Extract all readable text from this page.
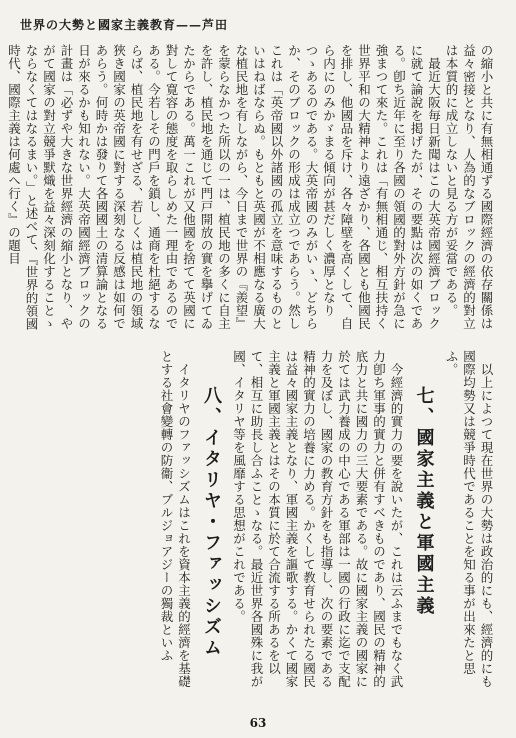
世界の大勢と國家主義教育——芦田

の縮小と共に有無相通ずる國際經濟の依存關係は益々密接となり、人為的なブロックの經濟的對立は本質的に成立しないと見る方が妥當である。

最近大阪毎日新聞はこの大英帝國經濟ブロックに就て論說を掲げたが、その要點は次の如くである。卽ち近年に至り各國の領國的對外方針が急に強まつて來た。これは「有無相通じ、相互扶持く世界平和の大精神より遠ざかり、各國とも他國民を排し、他國品を斥け、各々障壁を高くして、自ら内にのみかゞまる傾向が甚だしく濃厚となりつゝあるのである。大英帝國のみがいゝ、どちらか、そのブロックの形成は成立つであらう。然しこれは「英帝國以外諸國の孤立を意味するものといはねばならぬ。もともと英國が不相應なる廣大な植民地を有しながら、今日まで世界の『羨望』を蒙らなかつた所以の一は、植民地の多くに自主を許し、植民地を通じて門戸開放の實を擧げてゐたからである。萬一これが又他國を捨てて英國に對して寛容の態度を取らしめた一理由であるのである。今若しその門戶を鎖し、通商を杜絕するならば、植民地を有せざる、若しくは植民地の領域狹き國家の英帝國に對する深刻なる反感は如何であらう。何時かは發りて各國國土の清算論となる日が來るかも知れない。大英帝國經濟ブロックの計畫は「必ずや大きな世界經濟の縮小となり、やがて國家の對立競爭默熾を益々深刻化することゝならなくてはなるまい。」と述べて、『世界的領國時代、國際主義は何處へ行く』の題目

以上によつて現在世界の大勢は政治的にも、經濟的にも國際均勢又は競爭時代であることを知る事が出來たと思ふ。

七、國家主義と軍國主義

今經濟的實力の要を說いたが、これは云ふまでもなく武力卽ち軍事的實力と併有すべきものであり、國民の精神的底力と共に國力の三大要素である。故に國家主義の國家に於ては武力養成の中心である軍部は一國の行政に迄で支配力を及ぼし、國家の教育方針をも指導し、次の要素である精神的實力の培養に力める。かくして教育せられたる國民は益々國家主義となり、軍國主義を謳歌する。かくて國家主義と軍國主義とはその本質に於て合流する所あるを以て、相互に助長し合ふことゝなる。最近世界各國殊に我が國、イタリヤ等を風靡する思想がこれである。

八、イタリヤ・ファッシズム

イタリヤのファッシズムはこれを資本主義的經濟を基礎とする社會變轉の防衞、ブルジョアジーの獨裁といふ

63
